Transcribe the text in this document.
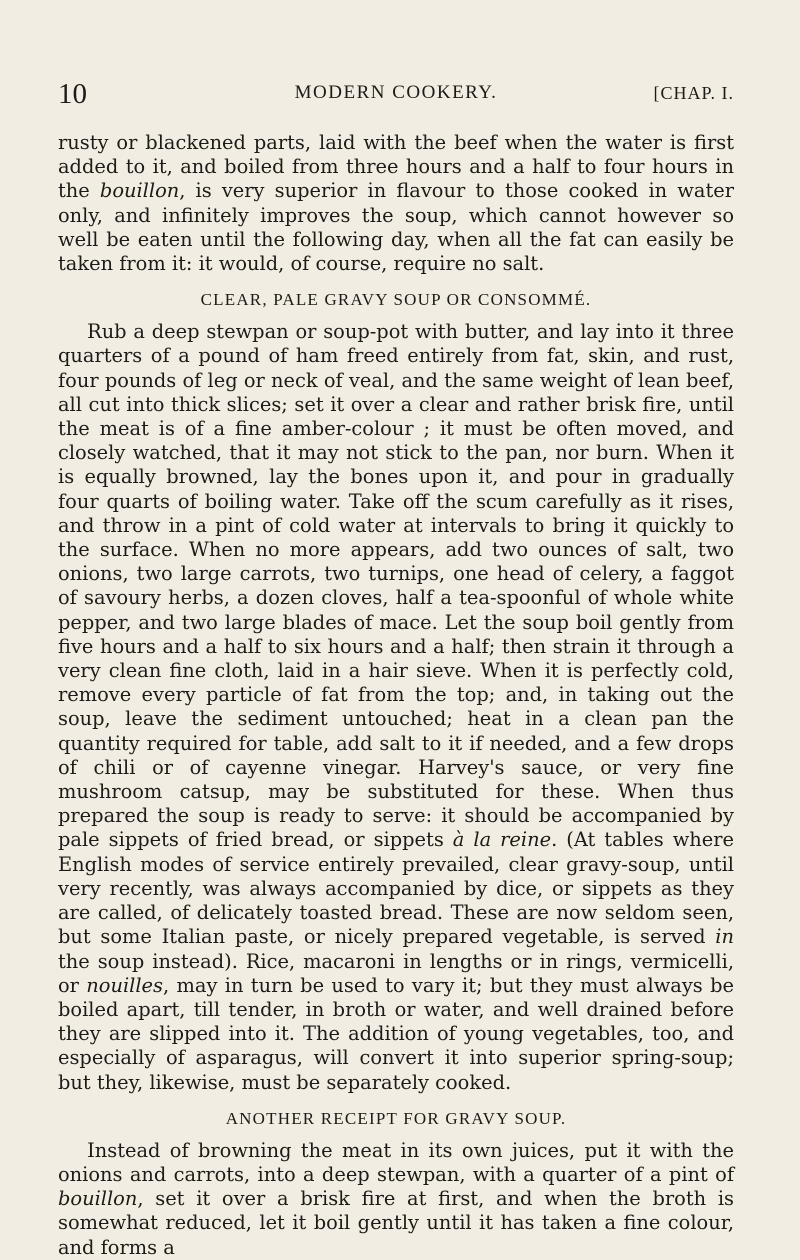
10	MODERN COOKERY.	[CHAP. I.

rusty or blackened parts, laid with the beef when the water is first added to it, and boiled from three hours and a half to four hours in the bouillon, is very superior in flavour to those cooked in water only, and infinitely improves the soup, which cannot however so well be eaten until the following day, when all the fat can easily be taken from it: it would, of course, require no salt.

CLEAR, PALE GRAVY SOUP OR CONSOMMÉ.

Rub a deep stewpan or soup-pot with butter, and lay into it three quarters of a pound of ham freed entirely from fat, skin, and rust, four pounds of leg or neck of veal, and the same weight of lean beef, all cut into thick slices; set it over a clear and rather brisk fire, until the meat is of a fine amber-colour ; it must be often moved, and closely watched, that it may not stick to the pan, nor burn. When it is equally browned, lay the bones upon it, and pour in gradually four quarts of boiling water. Take off the scum carefully as it rises, and throw in a pint of cold water at intervals to bring it quickly to the surface. When no more appears, add two ounces of salt, two onions, two large carrots, two turnips, one head of celery, a faggot of savoury herbs, a dozen cloves, half a tea-spoonful of whole white pepper, and two large blades of mace. Let the soup boil gently from five hours and a half to six hours and a half; then strain it through a very clean fine cloth, laid in a hair sieve. When it is perfectly cold, remove every particle of fat from the top; and, in taking out the soup, leave the sediment untouched; heat in a clean pan the quantity required for table, add salt to it if needed, and a few drops of chili or of cayenne vinegar. Harvey's sauce, or very fine mushroom catsup, may be substituted for these. When thus prepared the soup is ready to serve: it should be accompanied by pale sippets of fried bread, or sippets à la reine. (At tables where English modes of service entirely prevailed, clear gravy-soup, until very recently, was always accompanied by dice, or sippets as they are called, of delicately toasted bread. These are now seldom seen, but some Italian paste, or nicely prepared vegetable, is served in the soup instead). Rice, macaroni in lengths or in rings, vermicelli, or nouilles, may in turn be used to vary it; but they must always be boiled apart, till tender, in broth or water, and well drained before they are slipped into it. The addition of young vegetables, too, and especially of asparagus, will convert it into superior spring-soup; but they, likewise, must be separately cooked.

ANOTHER RECEIPT FOR GRAVY SOUP.

Instead of browning the meat in its own juices, put it with the onions and carrots, into a deep stewpan, with a quarter of a pint of bouillon, set it over a brisk fire at first, and when the broth is somewhat reduced, let it boil gently until it has taken a fine colour, and forms a
